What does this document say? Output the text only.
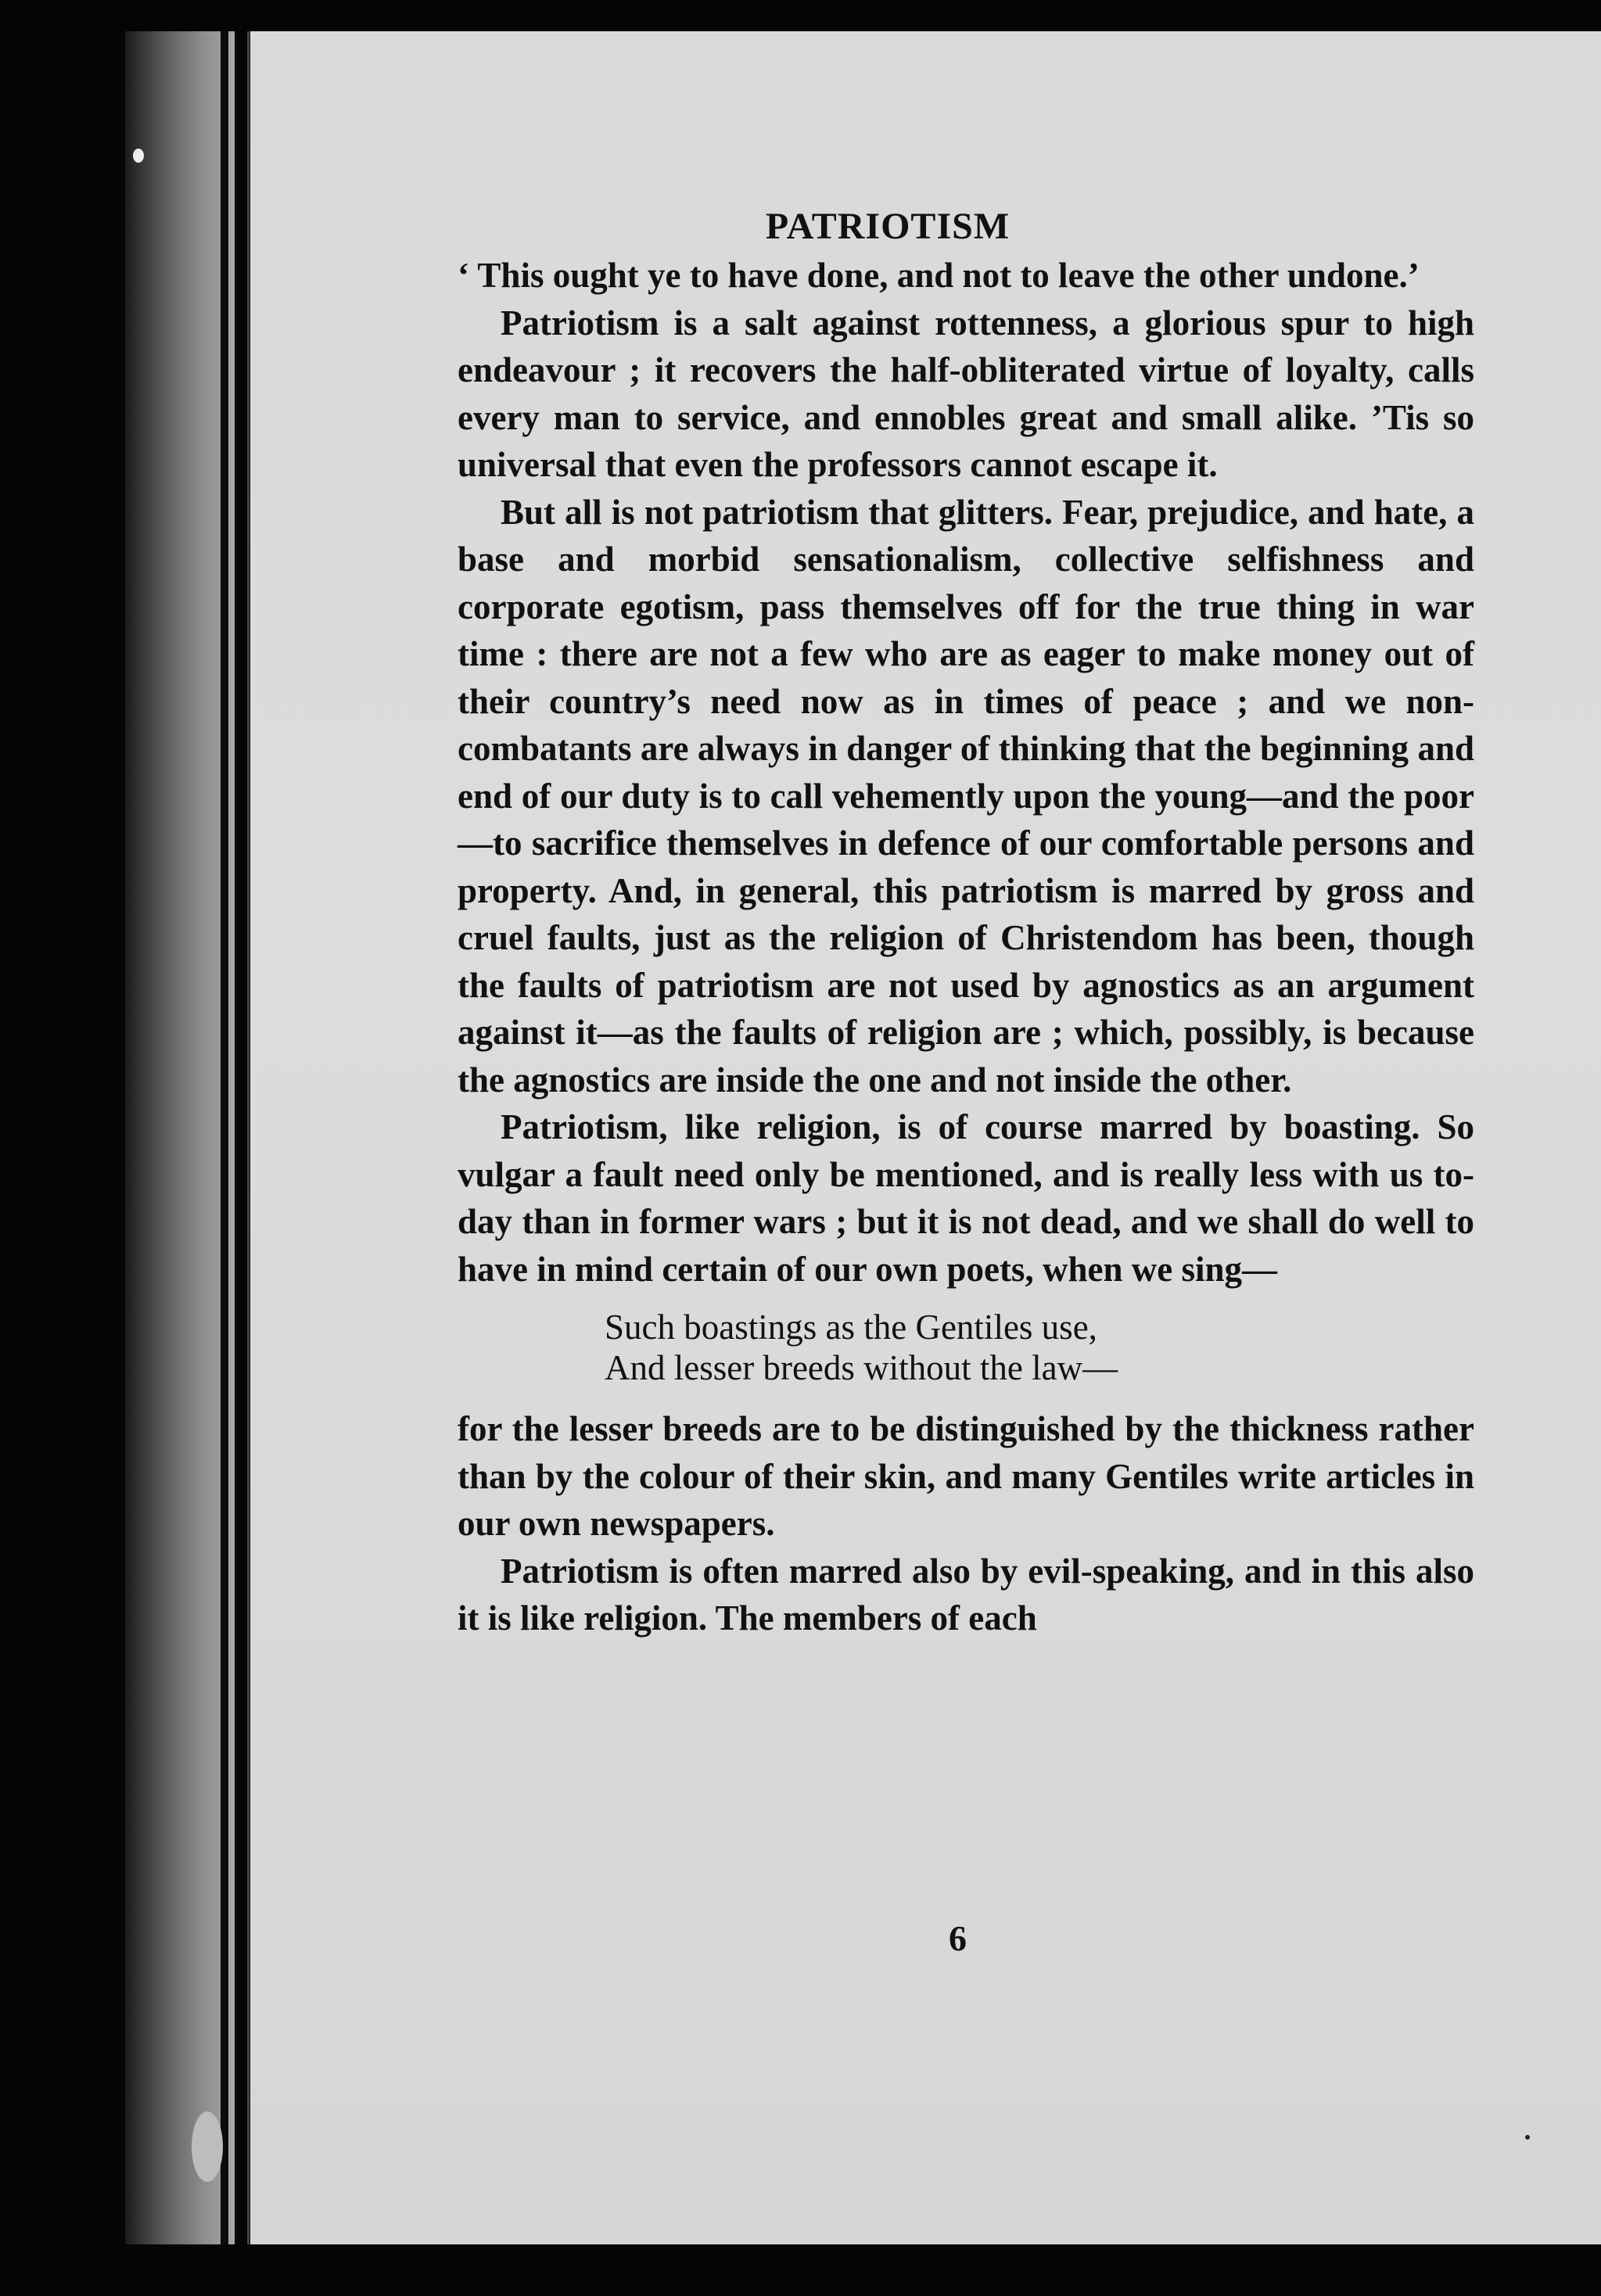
PATRIOTISM

‘ This ought ye to have done, and not to leave the other undone.’

Patriotism is a salt against rottenness, a glorious spur to high endeavour ; it recovers the half-obliterated virtue of loyalty, calls every man to service, and ennobles great and small alike. ’Tis so universal that even the professors cannot escape it.

But all is not patriotism that glitters. Fear, prejudice, and hate, a base and morbid sensationalism, collective selfishness and corporate egotism, pass themselves off for the true thing in war time : there are not a few who are as eager to make money out of their country’s need now as in times of peace ; and we non-combatants are always in danger of thinking that the beginning and end of our duty is to call vehemently upon the young—and the poor —to sacrifice themselves in defence of our comfortable persons and property. And, in general, this patriotism is marred by gross and cruel faults, just as the religion of Christendom has been, though the faults of patriotism are not used by agnostics as an argument against it—as the faults of religion are ; which, possibly, is because the agnostics are inside the one and not inside the other.

Patriotism, like religion, is of course marred by boasting. So vulgar a fault need only be mentioned, and is really less with us to-day than in former wars ; but it is not dead, and we shall do well to have in mind certain of our own poets, when we sing—

Such boastings as the Gentiles use,
And lesser breeds without the law—

for the lesser breeds are to be distinguished by the thickness rather than by the colour of their skin, and many Gentiles write articles in our own newspapers.

Patriotism is often marred also by evil-speaking, and in this also it is like religion. The members of each

6
